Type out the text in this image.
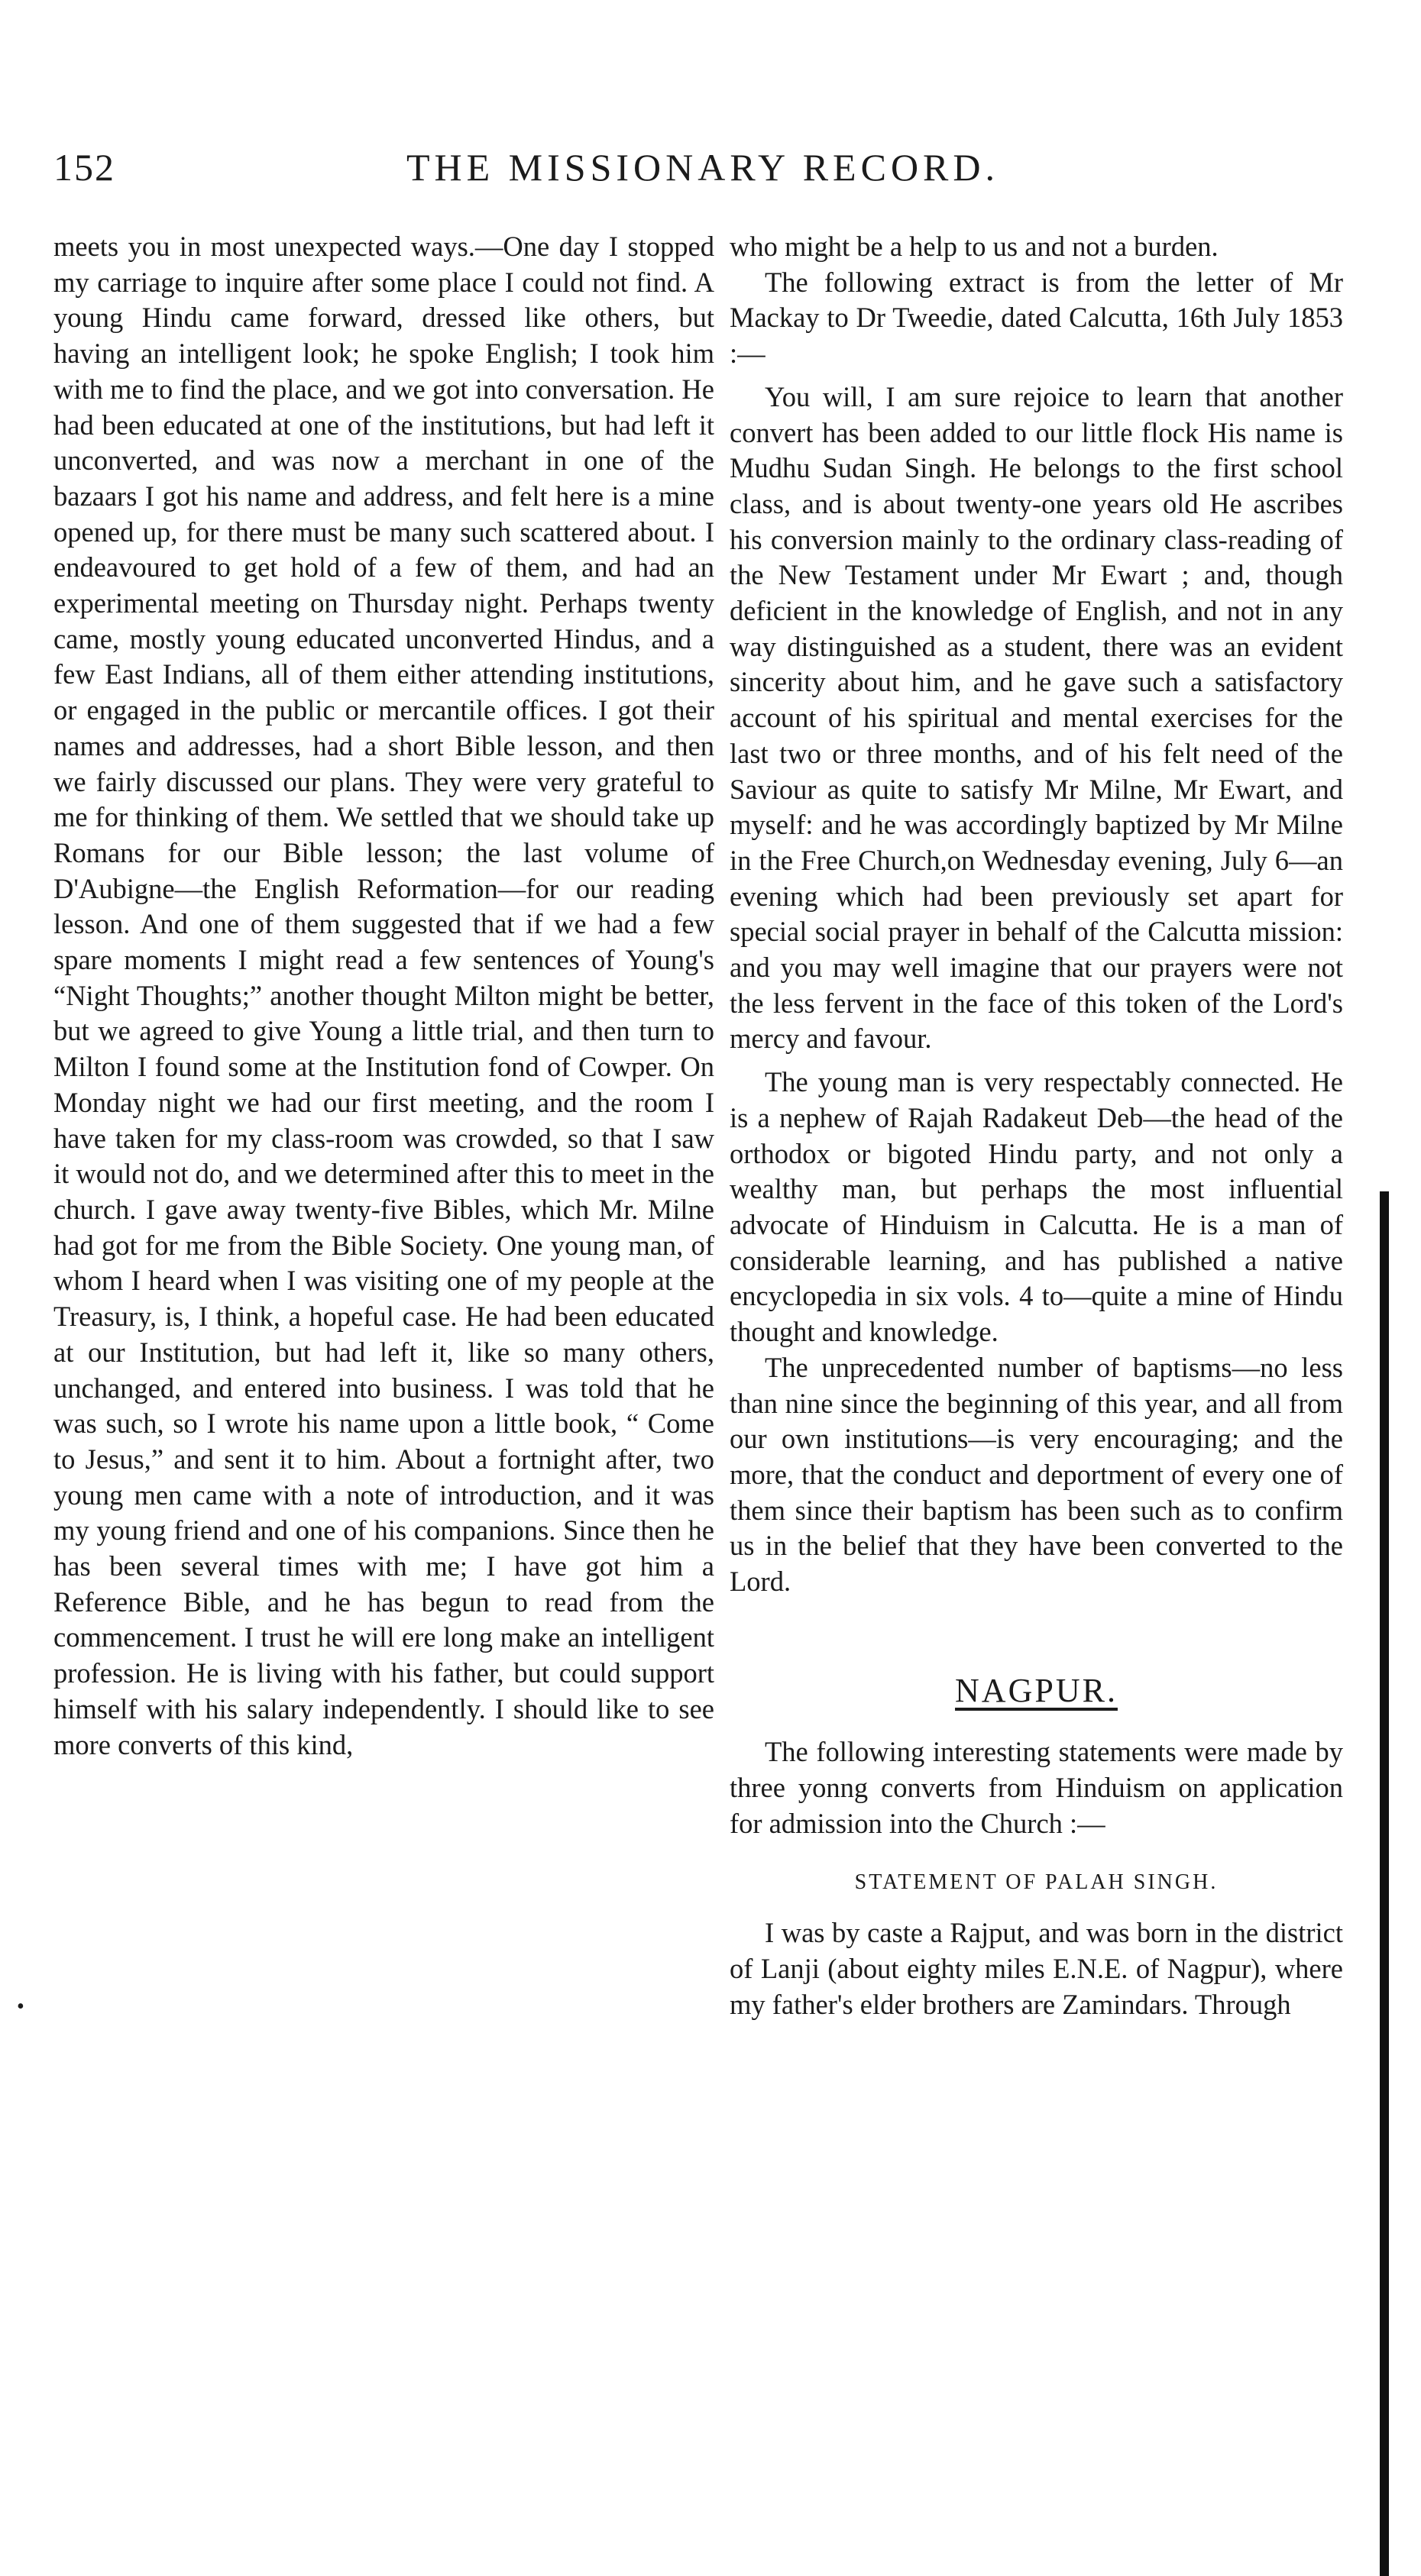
152	THE MISSIONARY RECORD.

meets you in most unexpected ways.—One day I stopped my carriage to inquire after some place I could not find. A young Hindu came forward, dressed like others, but having an intelligent look; he spoke English; I took him with me to find the place, and we got into conversation. He had been educated at one of the institutions, but had left it unconverted, and was now a merchant in one of the bazaars I got his name and address, and felt here is a mine opened up, for there must be many such scattered about. I endeavoured to get hold of a few of them, and had an experimental meeting on Thursday night. Perhaps twenty came, mostly young educated unconverted Hindus, and a few East Indians, all of them either attending institutions, or engaged in the public or mercantile offices. I got their names and addresses, had a short Bible lesson, and then we fairly discussed our plans. They were very grateful to me for thinking of them. We settled that we should take up Romans for our Bible lesson; the last volume of D'Aubigne—the English Reformation—for our reading lesson. And one of them suggested that if we had a few spare moments I might read a few sentences of Young's “Night Thoughts;” another thought Milton might be better, but we agreed to give Young a little trial, and then turn to Milton I found some at the Institution fond of Cowper. On Monday night we had our first meeting, and the room I have taken for my class-room was crowded, so that I saw it would not do, and we determined after this to meet in the church. I gave away twenty-five Bibles, which Mr. Milne had got for me from the Bible Society. One young man, of whom I heard when I was visiting one of my people at the Treasury, is, I think, a hopeful case. He had been educated at our Institution, but had left it, like so many others, unchanged, and entered into business. I was told that he was such, so I wrote his name upon a little book, “ Come to Jesus,” and sent it to him. About a fortnight after, two young men came with a note of introduction, and it was my young friend and one of his companions. Since then he has been several times with me; I have got him a Reference Bible, and he has begun to read from the commencement. I trust he will ere long make an intelligent profession. He is living with his father, but could support himself with his salary independently. I should like to see more converts of this kind,

•

who might be a help to us and not a burden.

The following extract is from the letter of Mr Mackay to Dr Tweedie, dated Calcutta, 16th July 1853 :—

You will, I am sure rejoice to learn that another convert has been added to our little flock His name is Mudhu Sudan Singh. He belongs to the first school class, and is about twenty-one years old He ascribes his conversion mainly to the ordinary class-reading of the New Testament under Mr Ewart ; and, though deficient in the knowledge of English, and not in any way distinguished as a student, there was an evident sincerity about him, and he gave such a satisfactory account of his spiritual and mental exercises for the last two or three months, and of his felt need of the Saviour as quite to satisfy Mr Milne, Mr Ewart, and myself: and he was accordingly baptized by Mr Milne in the Free Church,on Wednesday evening, July 6—an evening which had been previously set apart for special social prayer in behalf of the Calcutta mission: and you may well imagine that our prayers were not the less fervent in the face of this token of the Lord's mercy and favour.

The young man is very respectably connected. He is a nephew of Rajah Radakeut Deb—the head of the orthodox or bigoted Hindu party, and not only a wealthy man, but perhaps the most influential advocate of Hinduism in Calcutta. He is a man of considerable learning, and has published a native encyclopedia in six vols. 4 to—quite a mine of Hindu thought and knowledge.

The unprecedented number of baptisms—no less than nine since the beginning of this year, and all from our own institutions—is very encouraging; and the more, that the conduct and deportment of every one of them since their baptism has been such as to confirm us in the belief that they have been converted to the Lord.

NAGPUR.

The following interesting statements were made by three yonng converts from Hinduism on application for admission into the Church :—

STATEMENT OF PALAH SINGH.

I was by caste a Rajput, and was born in the district of Lanji (about eighty miles E.N.E. of Nagpur), where my father's elder brothers are Zamindars. Through
